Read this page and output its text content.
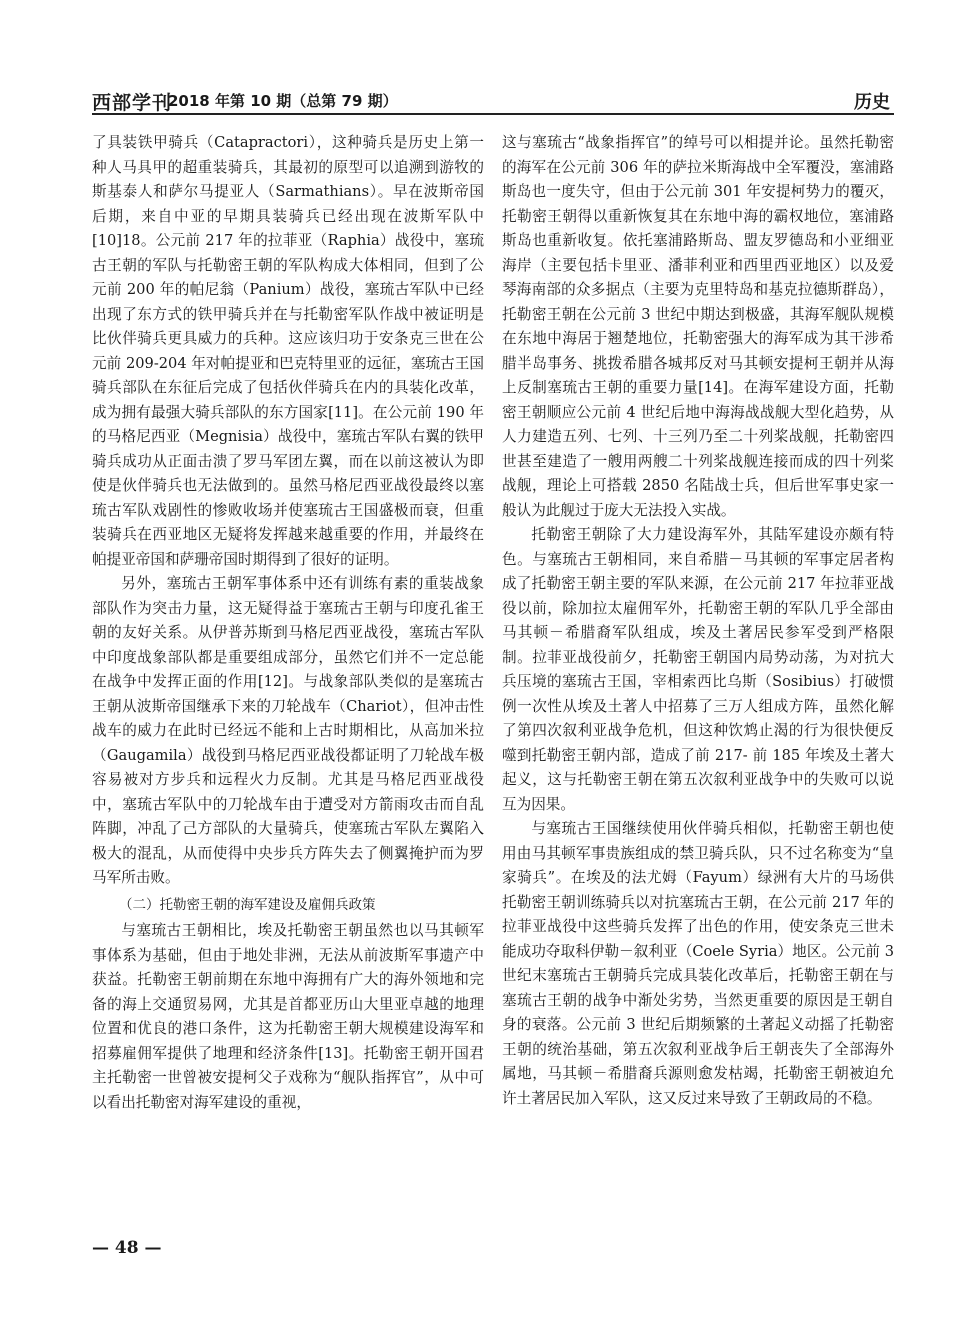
西部学刊
2018 年第 10 期（总第 79 期）	历史

了具装铁甲骑兵（Catapractori），这种骑兵是历史上第一种人马具甲的超重装骑兵，其最初的原型可以追溯到游牧的斯基泰人和萨尔马提亚人（Sarmathians）。早在波斯帝国后期，来自中亚的早期具装骑兵已经出现在波斯军队中[10]18。公元前 217 年的拉菲亚（Raphia）战役中，塞琉古王朝的军队与托勒密王朝的军队构成大体相同，但到了公元前 200 年的帕尼翁（Panium）战役，塞琉古军队中已经出现了东方式的铁甲骑兵并在与托勒密军队作战中被证明是比伙伴骑兵更具威力的兵种。这应该归功于安条克三世在公元前 209-204 年对帕提亚和巴克特里亚的远征，塞琉古王国骑兵部队在东征后完成了包括伙伴骑兵在内的具装化改革，成为拥有最强大骑兵部队的东方国家[11]。在公元前 190 年的马格尼西亚（Megnisia）战役中，塞琉古军队右翼的铁甲骑兵成功从正面击溃了罗马军团左翼，而在以前这被认为即使是伙伴骑兵也无法做到的。虽然马格尼西亚战役最终以塞琉古军队戏剧性的惨败收场并使塞琉古王国盛极而衰，但重装骑兵在西亚地区无疑将发挥越来越重要的作用，并最终在帕提亚帝国和萨珊帝国时期得到了很好的证明。

另外，塞琉古王朝军事体系中还有训练有素的重装战象部队作为突击力量，这无疑得益于塞琉古王朝与印度孔雀王朝的友好关系。从伊普苏斯到马格尼西亚战役，塞琉古军队中印度战象部队都是重要组成部分，虽然它们并不一定总能在战争中发挥正面的作用[12]。与战象部队类似的是塞琉古王朝从波斯帝国继承下来的刀轮战车（Chariot），但冲击性战车的威力在此时已经远不能和上古时期相比，从高加米拉（Gaugamila）战役到马格尼西亚战役都证明了刀轮战车极容易被对方步兵和远程火力反制。尤其是马格尼西亚战役中，塞琉古军队中的刀轮战车由于遭受对方箭雨攻击而自乱阵脚，冲乱了己方部队的大量骑兵，使塞琉古军队左翼陷入极大的混乱，从而使得中央步兵方阵失去了侧翼掩护而为罗马军所击败。

（二）托勒密王朝的海军建设及雇佣兵政策

与塞琉古王朝相比，埃及托勒密王朝虽然也以马其顿军事体系为基础，但由于地处非洲，无法从前波斯军事遗产中获益。托勒密王朝前期在东地中海拥有广大的海外领地和完备的海上交通贸易网，尤其是首都亚历山大里亚卓越的地理位置和优良的港口条件，这为托勒密王朝大规模建设海军和招募雇佣军提供了地理和经济条件[13]。托勒密王朝开国君主托勒密一世曾被安提柯父子戏称为“舰队指挥官”，从中可以看出托勒密对海军建设的重视，

这与塞琉古“战象指挥官”的绰号可以相提并论。虽然托勒密的海军在公元前 306 年的萨拉米斯海战中全军覆没，塞浦路斯岛也一度失守，但由于公元前 301 年安提柯势力的覆灭，托勒密王朝得以重新恢复其在东地中海的霸权地位，塞浦路斯岛也重新收复。依托塞浦路斯岛、盟友罗德岛和小亚细亚海岸（主要包括卡里亚、潘菲利亚和西里西亚地区）以及爱琴海南部的众多据点（主要为克里特岛和基克拉德斯群岛），托勒密王朝在公元前 3 世纪中期达到极盛，其海军舰队规模在东地中海居于翘楚地位，托勒密强大的海军成为其干涉希腊半岛事务、挑拨希腊各城邦反对马其顿安提柯王朝并从海上反制塞琉古王朝的重要力量[14]。在海军建设方面，托勒密王朝顺应公元前 4 世纪后地中海海战战舰大型化趋势，从人力建造五列、七列、十三列乃至二十列桨战舰，托勒密四世甚至建造了一艘用两艘二十列桨战舰连接而成的四十列桨战舰，理论上可搭载 2850 名陆战士兵，但后世军事史家一般认为此舰过于庞大无法投入实战。

托勒密王朝除了大力建设海军外，其陆军建设亦颇有特色。与塞琉古王朝相同，来自希腊－马其顿的军事定居者构成了托勒密王朝主要的军队来源，在公元前 217 年拉菲亚战役以前，除加拉太雇佣军外，托勒密王朝的军队几乎全部由马其顿－希腊裔军队组成，埃及土著居民参军受到严格限制。拉菲亚战役前夕，托勒密王朝国内局势动荡，为对抗大兵压境的塞琉古王国，宰相索西比乌斯（Sosibius）打破惯例一次性从埃及土著人中招募了三万人组成方阵，虽然化解了第四次叙利亚战争危机，但这种饮鸩止渴的行为很快便反噬到托勒密王朝内部，造成了前 217- 前 185 年埃及土著大起义，这与托勒密王朝在第五次叙利亚战争中的失败可以说互为因果。

与塞琉古王国继续使用伙伴骑兵相似，托勒密王朝也使用由马其顿军事贵族组成的禁卫骑兵队，只不过名称变为“皇家骑兵”。在埃及的法尤姆（Fayum）绿洲有大片的马场供托勒密王朝训练骑兵以对抗塞琉古王朝，在公元前 217 年的拉菲亚战役中这些骑兵发挥了出色的作用，使安条克三世未能成功夺取科伊勒－叙利亚（Coele Syria）地区。公元前 3 世纪末塞琉古王朝骑兵完成具装化改革后，托勒密王朝在与塞琉古王朝的战争中渐处劣势，当然更重要的原因是王朝自身的衰落。公元前 3 世纪后期频繁的土著起义动摇了托勒密王朝的统治基础，第五次叙利亚战争后王朝丧失了全部海外属地，马其顿－希腊裔兵源则愈发枯竭，托勒密王朝被迫允许土著居民加入军队，这又反过来导致了王朝政局的不稳。

— 48 —
